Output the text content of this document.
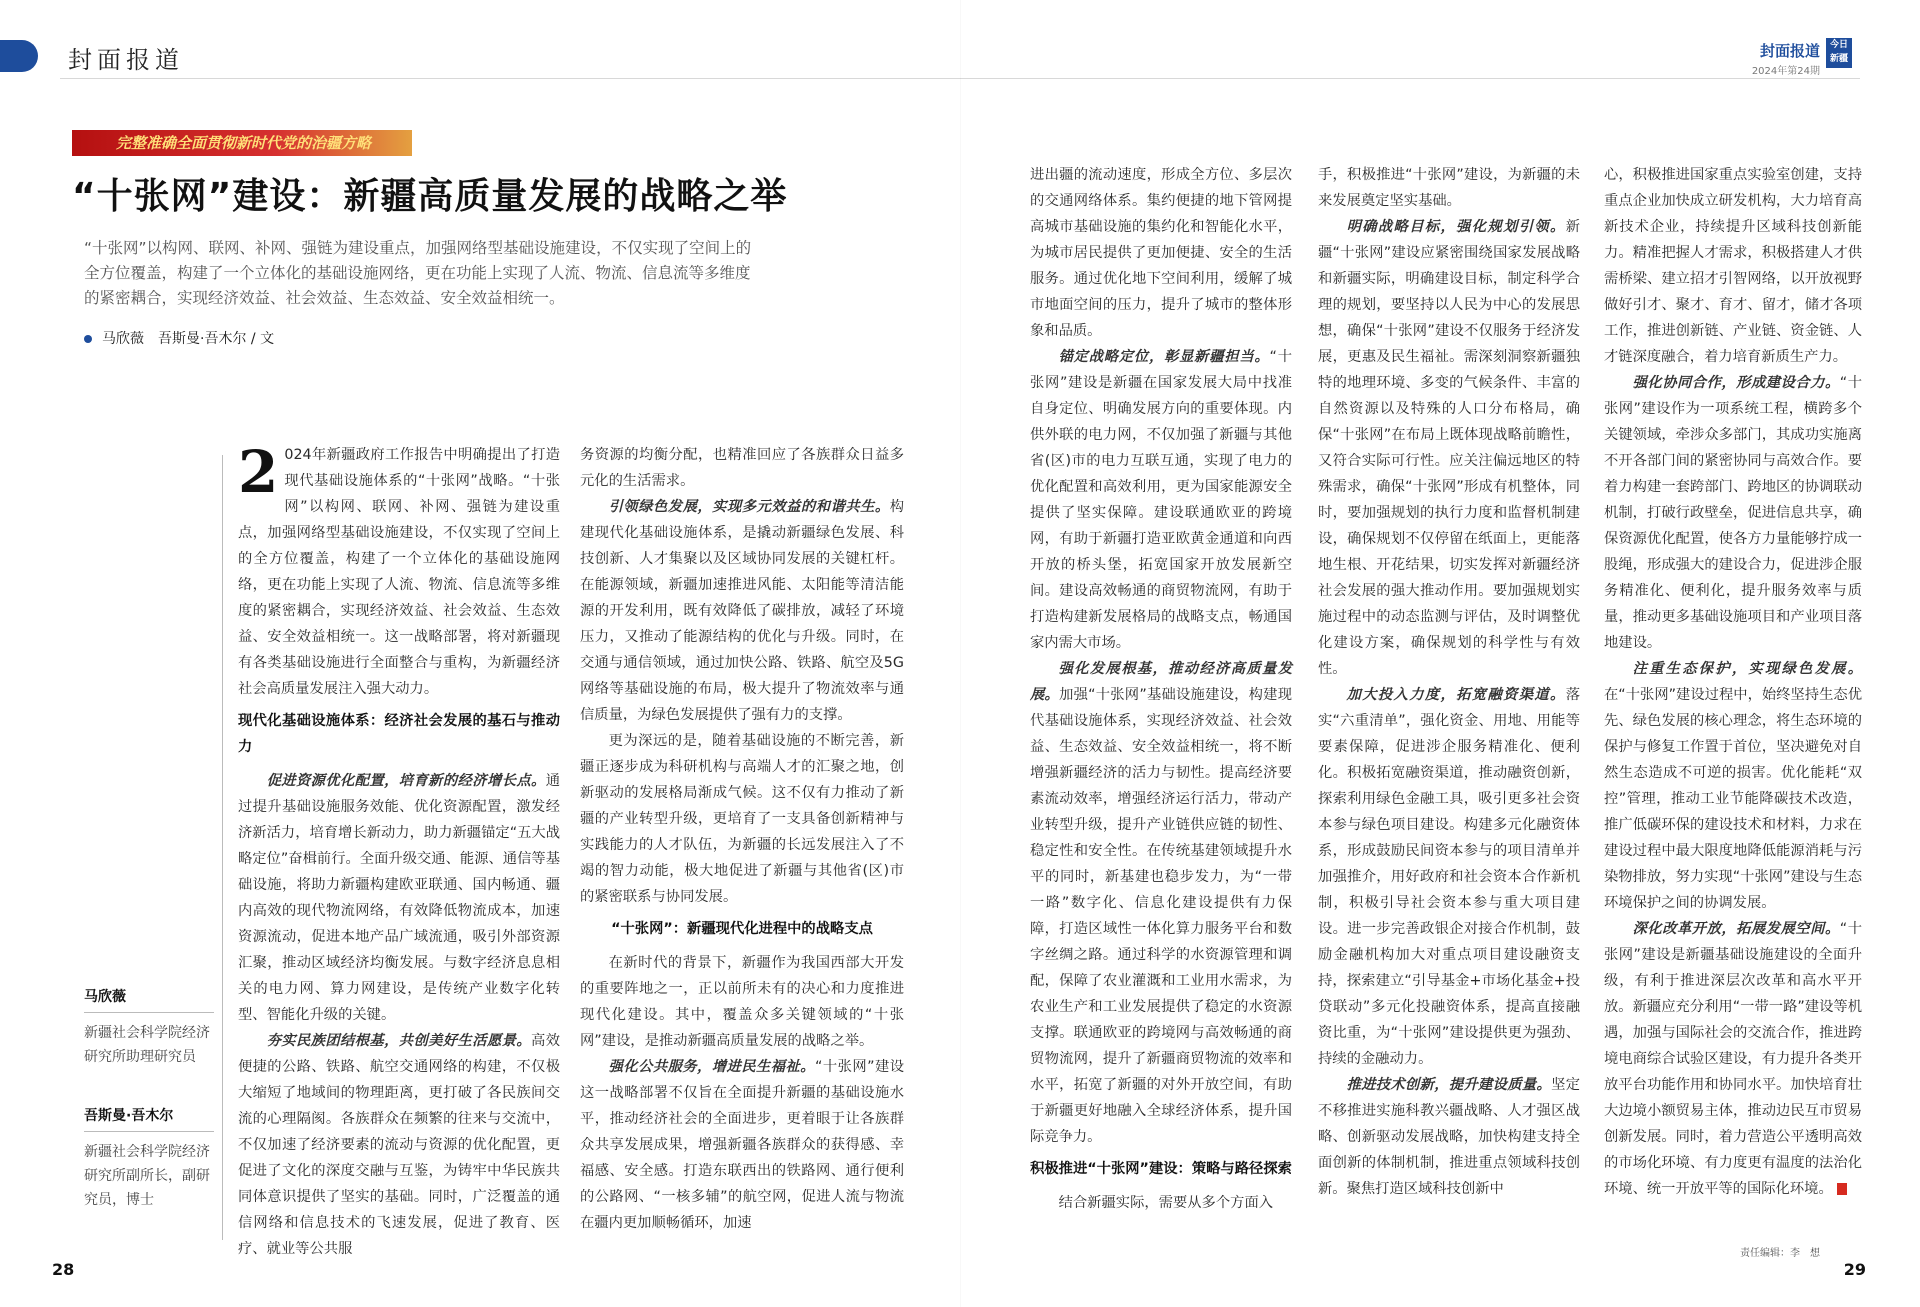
封面报道	封面报道
2024年第24期
今日新疆
完整准确全面贯彻新时代党的治疆方略
“十张网”建设：新疆高质量发展的战略之举
“十张网”以构网、联网、补网、强链为建设重点，加强网络型基础设施建设，不仅实现了空间上的全方位覆盖，构建了一个立体化的基础设施网络，更在功能上实现了人流、物流、信息流等多维度的紧密耦合，实现经济效益、社会效益、生态效益、安全效益相统一。
马欣薇　吾斯曼·吾木尔 / 文
马欣薇
新疆社会科学院经济研究所助理研究员
吾斯曼·吾木尔
新疆社会科学院经济研究所副所长，副研究员，博士

2 024年新疆政府工作报告中明确提出了打造现代基础设施体系的“十张网”战略。“十张网”以构网、联网、补网、强链为建设重点，加强网络型基础设施建设，不仅实现了空间上的全方位覆盖，构建了一个立体化的基础设施网络，更在功能上实现了人流、物流、信息流等多维度的紧密耦合，实现经济效益、社会效益、生态效益、安全效益相统一。这一战略部署，将对新疆现有各类基础设施进行全面整合与重构，为新疆经济社会高质量发展注入强大动力。

现代化基础设施体系：经济社会发展的基石与推动力

促进资源优化配置，培育新的经济增长点。通过提升基础设施服务效能、优化资源配置，激发经济新活力，培育增长新动力，助力新疆锚定“五大战略定位”奋楫前行。全面升级交通、能源、通信等基础设施，将助力新疆构建欧亚联通、国内畅通、疆内高效的现代物流网络，有效降低物流成本，加速资源流动，促进本地产品广域流通，吸引外部资源汇聚，推动区域经济均衡发展。与数字经济息息相关的电力网、算力网建设，是传统产业数字化转型、智能化升级的关键。

夯实民族团结根基，共创美好生活愿景。高效便捷的公路、铁路、航空交通网络的构建，不仅极大缩短了地域间的物理距离，更打破了各民族间交流的心理隔阂。各族群众在频繁的往来与交流中，不仅加速了经济要素的流动与资源的优化配置，更促进了文化的深度交融与互鉴，为铸牢中华民族共同体意识提供了坚实的基础。同时，广泛覆盖的通信网络和信息技术的飞速发展，促进了教育、医疗、就业等公共服

务资源的均衡分配，也精准回应了各族群众日益多元化的生活需求。

引领绿色发展，实现多元效益的和谐共生。构建现代化基础设施体系，是撬动新疆绿色发展、科技创新、人才集聚以及区域协同发展的关键杠杆。在能源领域，新疆加速推进风能、太阳能等清洁能源的开发利用，既有效降低了碳排放，减轻了环境压力，又推动了能源结构的优化与升级。同时，在交通与通信领域，通过加快公路、铁路、航空及5G网络等基础设施的布局，极大提升了物流效率与通信质量，为绿色发展提供了强有力的支撑。

更为深远的是，随着基础设施的不断完善，新疆正逐步成为科研机构与高端人才的汇聚之地，创新驱动的发展格局渐成气候。这不仅有力推动了新疆的产业转型升级，更培育了一支具备创新精神与实践能力的人才队伍，为新疆的长远发展注入了不竭的智力动能，极大地促进了新疆与其他省(区)市的紧密联系与协同发展。

“十张网”：新疆现代化进程中的战略支点

在新时代的背景下，新疆作为我国西部大开发的重要阵地之一，正以前所未有的决心和力度推进现代化建设。其中，覆盖众多关键领域的“十张网”建设，是推动新疆高质量发展的战略之举。

强化公共服务，增进民生福祉。“十张网”建设这一战略部署不仅旨在全面提升新疆的基础设施水平，推动经济社会的全面进步，更着眼于让各族群众共享发展成果，增强新疆各族群众的获得感、幸福感、安全感。打造东联西出的铁路网、通行便利的公路网、“一核多辅”的航空网，促进人流与物流在疆内更加顺畅循环，加速

进出疆的流动速度，形成全方位、多层次的交通网络体系。集约便捷的地下管网提高城市基础设施的集约化和智能化水平，为城市居民提供了更加便捷、安全的生活服务。通过优化地下空间利用，缓解了城市地面空间的压力，提升了城市的整体形象和品质。

锚定战略定位，彰显新疆担当。“十张网”建设是新疆在国家发展大局中找准自身定位、明确发展方向的重要体现。内供外联的电力网，不仅加强了新疆与其他省(区)市的电力互联互通，实现了电力的优化配置和高效利用，更为国家能源安全提供了坚实保障。建设联通欧亚的跨境网，有助于新疆打造亚欧黄金通道和向西开放的桥头堡，拓宽国家开放发展新空间。建设高效畅通的商贸物流网，有助于打造构建新发展格局的战略支点，畅通国家内需大市场。

强化发展根基，推动经济高质量发展。加强“十张网”基础设施建设，构建现代基础设施体系，实现经济效益、社会效益、生态效益、安全效益相统一，将不断增强新疆经济的活力与韧性。提高经济要素流动效率，增强经济运行活力，带动产业转型升级，提升产业链供应链的韧性、稳定性和安全性。在传统基建领域提升水平的同时，新基建也稳步发力，为“一带一路”数字化、信息化建设提供有力保障，打造区域性一体化算力服务平台和数字丝绸之路。通过科学的水资源管理和调配，保障了农业灌溉和工业用水需求，为农业生产和工业发展提供了稳定的水资源支撑。联通欧亚的跨境网与高效畅通的商贸物流网，提升了新疆商贸物流的效率和水平，拓宽了新疆的对外开放空间，有助于新疆更好地融入全球经济体系，提升国际竞争力。

积极推进“十张网”建设：策略与路径探索

结合新疆实际，需要从多个方面入

手，积极推进“十张网”建设，为新疆的未来发展奠定坚实基础。

明确战略目标，强化规划引领。新疆“十张网”建设应紧密围绕国家发展战略和新疆实际，明确建设目标，制定科学合理的规划，要坚持以人民为中心的发展思想，确保“十张网”建设不仅服务于经济发展，更惠及民生福祉。需深刻洞察新疆独特的地理环境、多变的气候条件、丰富的自然资源以及特殊的人口分布格局，确保“十张网”在布局上既体现战略前瞻性，又符合实际可行性。应关注偏远地区的特殊需求，确保“十张网”形成有机整体，同时，要加强规划的执行力度和监督机制建设，确保规划不仅停留在纸面上，更能落地生根、开花结果，切实发挥对新疆经济社会发展的强大推动作用。要加强规划实施过程中的动态监测与评估，及时调整优化建设方案，确保规划的科学性与有效性。

加大投入力度，拓宽融资渠道。落实“六重清单”，强化资金、用地、用能等要素保障，促进涉企服务精准化、便利化。积极拓宽融资渠道，推动融资创新，探索利用绿色金融工具，吸引更多社会资本参与绿色项目建设。构建多元化融资体系，形成鼓励民间资本参与的项目清单并加强推介，用好政府和社会资本合作新机制，积极引导社会资本参与重大项目建设。进一步完善政银企对接合作机制，鼓励金融机构加大对重点项目建设融资支持，探索建立“引导基金+市场化基金+投贷联动”多元化投融资体系，提高直接融资比重，为“十张网”建设提供更为强劲、持续的金融动力。

推进技术创新，提升建设质量。坚定不移推进实施科教兴疆战略、人才强区战略、创新驱动发展战略，加快构建支持全面创新的体制机制，推进重点领域科技创新。聚焦打造区域科技创新中

心，积极推进国家重点实验室创建，支持重点企业加快成立研发机构，大力培育高新技术企业，持续提升区域科技创新能力。精准把握人才需求，积极搭建人才供需桥梁、建立招才引智网络，以开放视野做好引才、聚才、育才、留才，储才各项工作，推进创新链、产业链、资金链、人才链深度融合，着力培育新质生产力。

强化协同合作，形成建设合力。“十张网”建设作为一项系统工程，横跨多个关键领域，牵涉众多部门，其成功实施离不开各部门间的紧密协同与高效合作。要着力构建一套跨部门、跨地区的协调联动机制，打破行政壁垒，促进信息共享，确保资源优化配置，使各方力量能够拧成一股绳，形成强大的建设合力，促进涉企服务精准化、便利化，提升服务效率与质量，推动更多基础设施项目和产业项目落地建设。

注重生态保护，实现绿色发展。在“十张网”建设过程中，始终坚持生态优先、绿色发展的核心理念，将生态环境的保护与修复工作置于首位，坚决避免对自然生态造成不可逆的损害。优化能耗“双控”管理，推动工业节能降碳技术改造，推广低碳环保的建设技术和材料，力求在建设过程中最大限度地降低能源消耗与污染物排放，努力实现“十张网”建设与生态环境保护之间的协调发展。

深化改革开放，拓展发展空间。“十张网”建设是新疆基础设施建设的全面升级，有利于推进深层次改革和高水平开放。新疆应充分利用“一带一路”建设等机遇，加强与国际社会的交流合作，推进跨境电商综合试验区建设，有力提升各类开放平台功能作用和协同水平。加快培育壮大边境小额贸易主体，推动边民互市贸易创新发展。同时，着力营造公平透明高效的市场化环境、有力度更有温度的法治化环境、统一开放平等的国际化环境。

责任编辑：李　想
28	29
